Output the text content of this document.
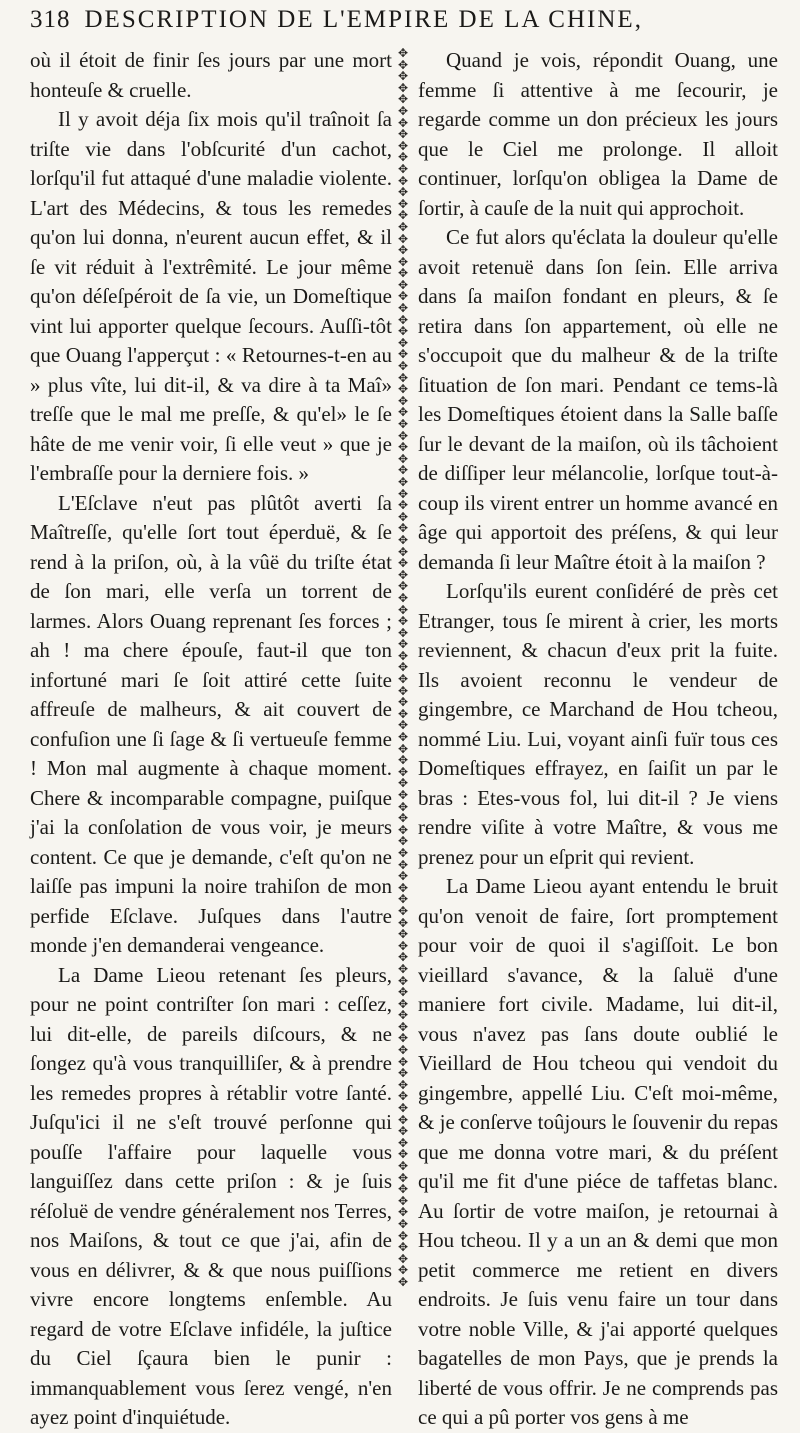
318 DESCRIPTION DE L'EMPIRE DE LA CHINE,

où il étoit de finir ſes jours par une mort honteuſe & cruelle.

Il y avoit déja ſix mois qu'il traînoit ſa triſte vie dans l'obſcurité d'un cachot, lorſqu'il fut attaqué d'une maladie violente. L'art des Médecins, & tous les remedes qu'on lui donna, n'eurent aucun effet, & il ſe vit réduit à l'extrêmité. Le jour même qu'on déſeſpéroit de ſa vie, un Domeſtique vint lui apporter quelque ſecours. Auſſi-tôt que Ouang l'apperçut : « Retournes-t-en au » plus vîte, lui dit-il, & va dire à ta Maî» treſſe que le mal me preſſe, & qu'el» le ſe hâte de me venir voir, ſi elle veut » que je l'embraſſe pour la derniere fois. »

L'Eſclave n'eut pas plûtôt averti ſa Maîtreſſe, qu'elle ſort tout éperduë, & ſe rend à la priſon, où, à la vûë du triſte état de ſon mari, elle verſa un torrent de larmes. Alors Ouang reprenant ſes forces ; ah ! ma chere épouſe, faut-il que ton infortuné mari ſe ſoit attiré cette ſuite affreuſe de malheurs, & ait couvert de confuſion une ſi ſage & ſi vertueuſe femme ! Mon mal augmente à chaque moment. Chere & incomparable compagne, puiſque j'ai la conſolation de vous voir, je meurs content. Ce que je demande, c'eſt qu'on ne laiſſe pas impuni la noire trahiſon de mon perfide Eſclave. Juſques dans l'autre monde j'en demanderai vengeance.

La Dame Lieou retenant ſes pleurs, pour ne point contriſter ſon mari : ceſſez, lui dit-elle, de pareils diſcours, & ne ſongez qu'à vous tranquilliſer, & à prendre les remedes propres à rétablir votre ſanté. Juſqu'ici il ne s'eſt trouvé perſonne qui pouſſe l'affaire pour laquelle vous languiſſez dans cette priſon : & je ſuis réſoluë de vendre généralement nos Terres, nos Maiſons, & tout ce que j'ai, afin de vous en délivrer, & & que nous puiſſions vivre encore longtems enſemble. Au regard de votre Eſclave infidéle, la juſtice du Ciel ſçaura bien le punir : immanquablement vous ſerez vengé, n'en ayez point d'inquiétude.

✥
✥
✥
✥
✥
✥
✥
✥
✥
✥
✥
✥
✥
✥
✥
✥
✥
✥
✥
✥
✥
✥
✥
✥
✥
✥
✥
✥
✥
✥
✥
✥
✥
✥
✥
✥
✥
✥
✥
✥
✥
✥
✥
✥
✥
✥
✥
✥
✥
✥
✥
✥
✥
✥
✥
✥
✥
✥
✥
✥
✥
✥
✥
✥
✥
✥
✥
✥
✥
✥
✥
✥
✥
✥
✥
✥
✥
✥
✥
✥
✥
✥
✥
✥
✥
✥
✥
✥
✥
✥
✥
✥
✥
✥
✥
✥
✥
✥
✥
✥
✥
✥
✥
✥
✥
✥
✥

Quand je vois, répondit Ouang, une femme ſi attentive à me ſecourir, je regarde comme un don précieux les jours que le Ciel me prolonge. Il alloit continuer, lorſqu'on obligea la Dame de ſortir, à cauſe de la nuit qui approchoit.

Ce fut alors qu'éclata la douleur qu'elle avoit retenuë dans ſon ſein. Elle arriva dans ſa maiſon fondant en pleurs, & ſe retira dans ſon appartement, où elle ne s'occupoit que du malheur & de la triſte ſituation de ſon mari. Pendant ce tems-là les Domeſtiques étoient dans la Salle baſſe ſur le devant de la maiſon, où ils tâchoient de diſſiper leur mélancolie, lorſque tout-à-coup ils virent entrer un homme avancé en âge qui apportoit des préſens, & qui leur demanda ſi leur Maître étoit à la maiſon ?

Lorſqu'ils eurent conſidéré de près cet Etranger, tous ſe mirent à crier, les morts reviennent, & chacun d'eux prit la fuite. Ils avoient reconnu le vendeur de gingembre, ce Marchand de Hou tcheou, nommé Liu. Lui, voyant ainſi fuïr tous ces Domeſtiques effrayez, en ſaiſit un par le bras : Etes-vous fol, lui dit-il ? Je viens rendre viſite à votre Maître, & vous me prenez pour un eſprit qui revient.

La Dame Lieou ayant entendu le bruit qu'on venoit de faire, ſort promptement pour voir de quoi il s'agiſſoit. Le bon vieillard s'avance, & la ſaluë d'une maniere fort civile. Madame, lui dit-il, vous n'avez pas ſans doute oublié le Vieillard de Hou tcheou qui vendoit du gingembre, appellé Liu. C'eſt moi-même, & je conſerve toûjours le ſouvenir du repas que me donna votre mari, & du préſent qu'il me fit d'une piéce de taffetas blanc. Au ſortir de votre maiſon, je retournai à Hou tcheou. Il y a un an & demi que mon petit commerce me retient en divers endroits. Je ſuis venu faire un tour dans votre noble Ville, & j'ai apporté quelques bagatelles de mon Pays, que je prends la liberté de vous offrir. Je ne comprends pas ce qui a pû porter vos gens à me
